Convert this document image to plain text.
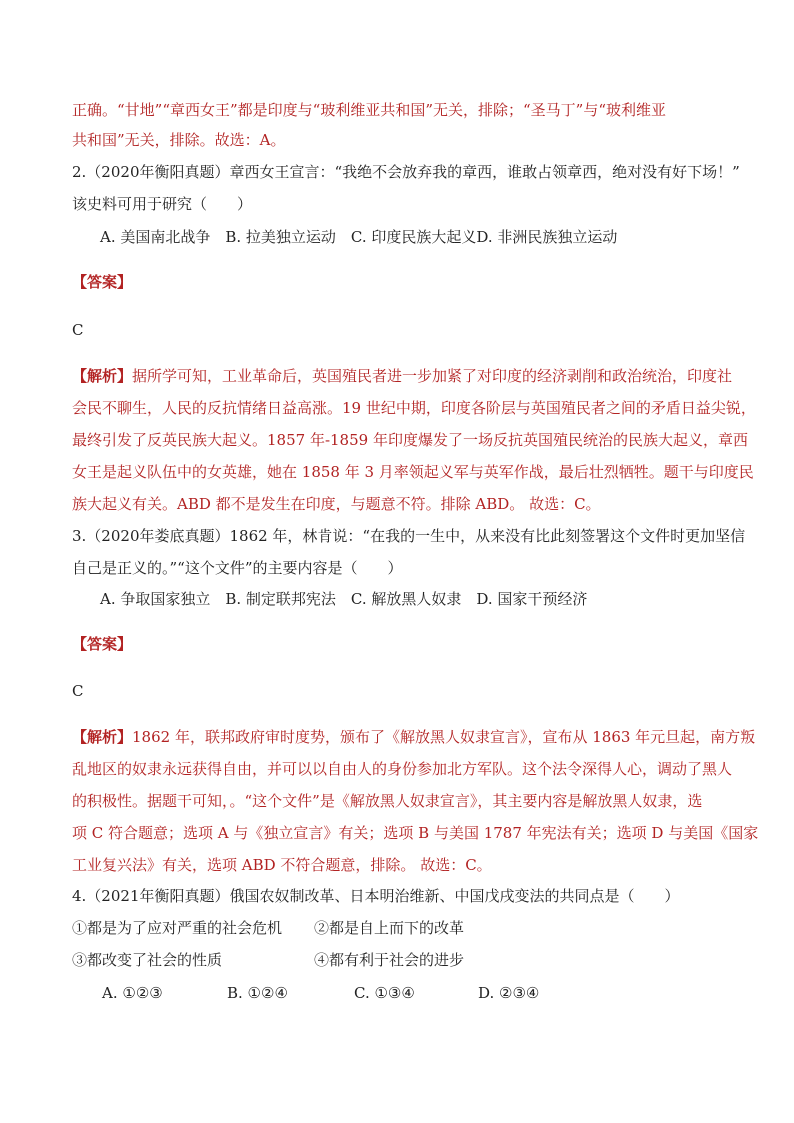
正确。“甘地”“章西女王”都是印度与“玻利维亚共和国”无关，排除；“圣马丁”与“玻利维亚
共和国”无关，排除。故选：A。
2.（2020年衡阳真题）章西女王宣言：“我绝不会放弃我的章西，谁敢占领章西，绝对没有好下场！”
该史料可用于研究（　　）
A. 美国南北战争　B. 拉美独立运动　C. 印度民族大起义D. 非洲民族独立运动
【答案】
C
【解析】据所学可知，工业革命后，英国殖民者进一步加紧了对印度的经济剥削和政治统治，印度社
会民不聊生，人民的反抗情绪日益高涨。19 世纪中期，印度各阶层与英国殖民者之间的矛盾日益尖锐，
最终引发了反英民族大起义。1857 年-1859 年印度爆发了一场反抗英国殖民统治的民族大起义，章西
女王是起义队伍中的女英雄，她在 1858 年 3 月率领起义军与英军作战，最后壮烈牺牲。题干与印度民
族大起义有关。ABD 都不是发生在印度，与题意不符。排除 ABD。 故选：C。
3.（2020年娄底真题）1862 年，林肯说：“在我的一生中，从来没有比此刻签署这个文件时更加坚信
自己是正义的。”“这个文件”的主要内容是（　　）
A. 争取国家独立　B. 制定联邦宪法　C. 解放黑人奴隶　D. 国家干预经济
【答案】
C
【解析】1862 年，联邦政府审时度势，颁布了《解放黑人奴隶宣言》，宣布从 1863 年元旦起，南方叛
乱地区的奴隶永远获得自由，并可以以自由人的身份参加北方军队。这个法令深得人心，调动了黑人
的积极性。据题干可知，。“这个文件”是《解放黑人奴隶宣言》，其主要内容是解放黑人奴隶，选
项 C 符合题意；选项 A 与《独立宣言》有关；选项 B 与美国 1787 年宪法有关；选项 D 与美国《国家
工业复兴法》有关，选项 ABD 不符合题意，排除。 故选：C。
4.（2021年衡阳真题）俄国农奴制改革、日本明治维新、中国戊戌变法的共同点是（　　）
①都是为了应对严重的社会危机 ②都是自上而下的改革
③都改变了社会的性质	④都有利于社会的进步
A. ①②③	B. ①②④	C. ①③④	D. ②③④
